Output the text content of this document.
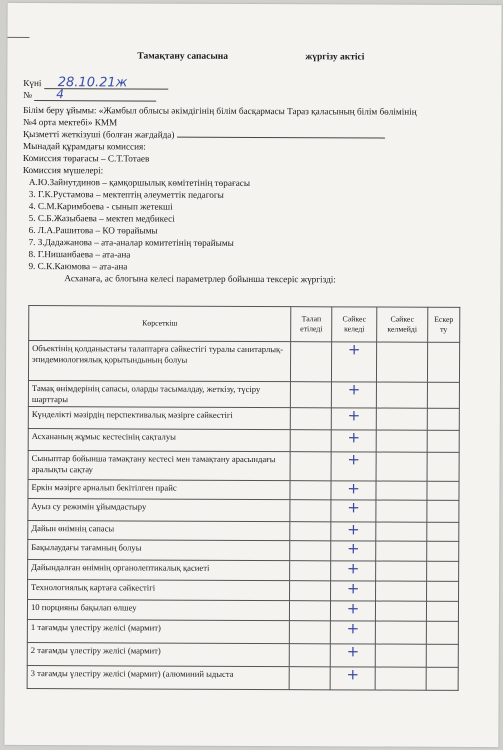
Тамақтану сапасына	жүргізу актісі
Күні 28.10.21ж
№ 4
Білім беру ұйымы: «Жамбыл облысы әкімдігінің білім басқармасы Тараз қаласының білім бөлімінің
№4 орта мектебі» КММ
Қызметті жеткізуші (болған жағдайда)
Мынадай құрамдағы комиссия:
Комиссия төрағасы – С.Т.Тотаев
Комиссия мүшелері:
А.Ю.Зайнутдинов – қамқоршылық көмітетінің төрағасы
3. Г.К.Рустамова – мектептің әлеуметтік педагогы
4. С.М.Каримбоева - сынып жетекші
5. С.Б.Жазыбаева – мектеп медбикесі
6. Л.А.Рашитова – КО төрайымы
7. З.Дадажанова – ата-аналар комитетінің төрайымы
8. Г.Нишанбаева – ата-ана
9. С.К.Каюмова – ата-ана
Асханаға, ас блогына келесі параметрлер бойынша тексеріс жүргізді:
Көрсеткіш	Талап етіледі	Сәйкес келеді	Сәйкес келмейді	Ескер ту
Объектінің қолданыстағы талаптарға сәйкестігі туралы санитарлық-эпидемиологиялық қорытындының болуы		+		
Тамақ өнімдерінің сапасы, оларды тасымалдау, жеткізу, түсіру шарттары		+		
Күнделікті мәзірдің перспективалық мәзірге сәйкестігі		+		
Асхананың жұмыс кестесінің сақталуы		+		
Сыныптар бойынша тамақтану кестесі мен тамақтану арасындағы аралықты сақтау		+		
Еркін мәзірге арналып бекітілген прайс		+		
Ауыз су режимін ұйымдастыру		+		
Дайын өнімнің сапасы		+		
Бақылаудағы тағамның болуы		+		
Дайындалған өнімнің органолептикалық қасиеті		+		
Технологиялық картаға сәйкестігі		+		
10 порцияны бақылап өлшеу		+		
1 тағамды үлестіру желісі (мармит)		+		
2 тағамды үлестіру желісі (мармит)		+		
3 тағамды үлестіру желісі (мармит) (алюминий ыдыста		+		
